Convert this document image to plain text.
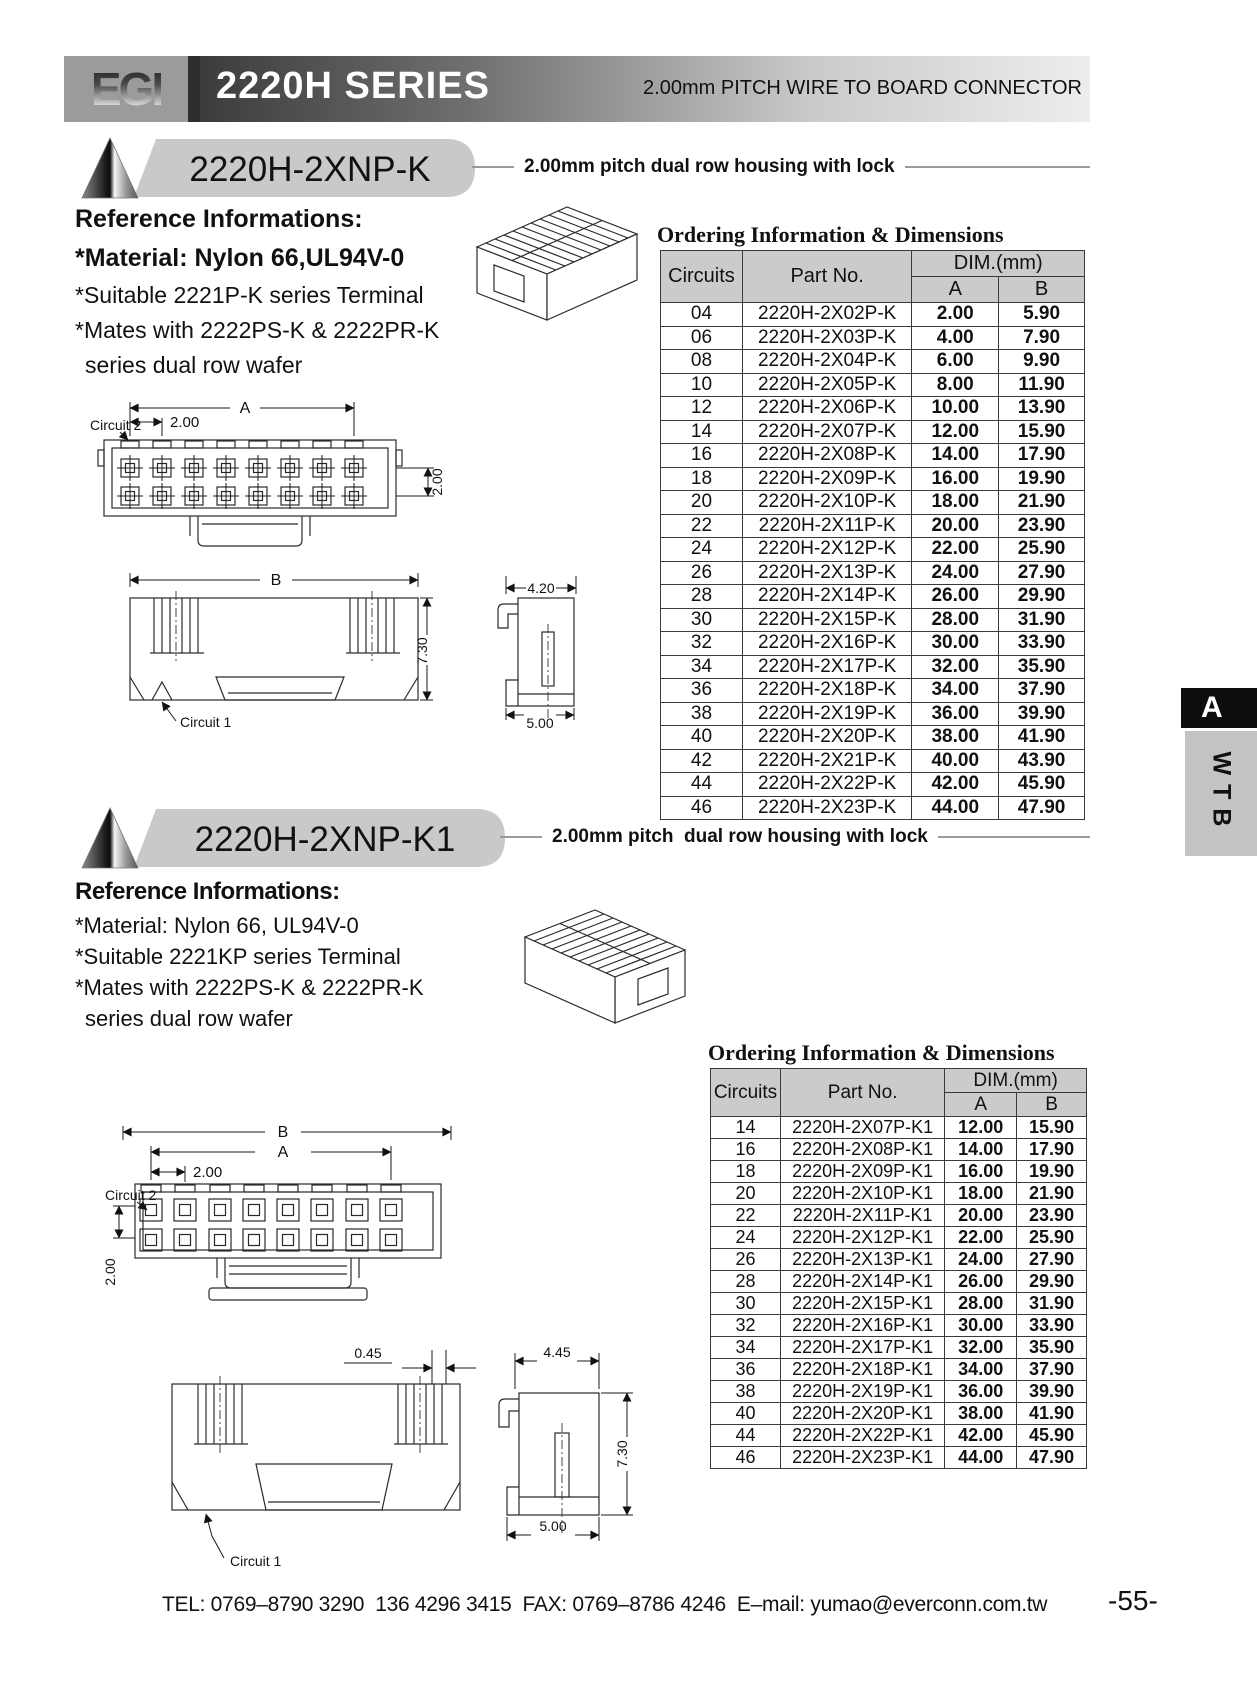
EGI 2220H SERIES	2.00mm PITCH WIRE TO BOARD CONNECTOR
2220H-2XNP-K	2.00mm pitch dual row housing with lock
Reference Informations:
*Material: Nylon 66,UL94V-0
*Suitable 2221P-K series Terminal
*Mates with 2222PS-K & 2222PR-K
series dual row wafer
Ordering Information & Dimensions
Circuits	Part No.	DIM.(mm)	
		A	B
04	2220H-2X02P-K	2.00	5.90
06	2220H-2X03P-K	4.00	7.90
08	2220H-2X04P-K	6.00	9.90
10	2220H-2X05P-K	8.00	11.90
12	2220H-2X06P-K	10.00	13.90
14	2220H-2X07P-K	12.00	15.90
16	2220H-2X08P-K	14.00	17.90
18	2220H-2X09P-K	16.00	19.90
20	2220H-2X10P-K	18.00	21.90
22	2220H-2X11P-K	20.00	23.90
24	2220H-2X12P-K	22.00	25.90
26	2220H-2X13P-K	24.00	27.90
28	2220H-2X14P-K	26.00	29.90
30	2220H-2X15P-K	28.00	31.90
32	2220H-2X16P-K	30.00	33.90
34	2220H-2X17P-K	32.00	35.90
36	2220H-2X18P-K	34.00	37.90
38	2220H-2X19P-K	36.00	39.90
40	2220H-2X20P-K	38.00	41.90
42	2220H-2X21P-K	40.00	43.90
44	2220H-2X22P-K	42.00	45.90
46	2220H-2X23P-K	44.00	47.90
A
2.00
Circuit 2
2.00
B
7.30
Circuit 1
4.20
5.00
2220H-2XNP-K1	2.00mm pitch  dual row housing with lock
Reference Informations:
*Material: Nylon 66, UL94V-0
*Suitable 2221KP series Terminal
*Mates with 2222PS-K & 2222PR-K
series dual row wafer
Ordering Information & Dimensions
Circuits	Part No.	DIM.(mm)	
		A	B
14	2220H-2X07P-K1	12.00	15.90
16	2220H-2X08P-K1	14.00	17.90
18	2220H-2X09P-K1	16.00	19.90
20	2220H-2X10P-K1	18.00	21.90
22	2220H-2X11P-K1	20.00	23.90
24	2220H-2X12P-K1	22.00	25.90
26	2220H-2X13P-K1	24.00	27.90
28	2220H-2X14P-K1	26.00	29.90
30	2220H-2X15P-K1	28.00	31.90
32	2220H-2X16P-K1	30.00	33.90
34	2220H-2X17P-K1	32.00	35.90
36	2220H-2X18P-K1	34.00	37.90
38	2220H-2X19P-K1	36.00	39.90
40	2220H-2X20P-K1	38.00	41.90
44	2220H-2X22P-K1	42.00	45.90
46	2220H-2X23P-K1	44.00	47.90
B
A
2.00
Circuit 2
2.00
0.45
Circuit 1
4.45
7.30
5.00
A
WTB
TEL: 0769–8790 3290  136 4296 3415  FAX: 0769–8786 4246  E–mail: yumao@everconn.com.tw -55-
